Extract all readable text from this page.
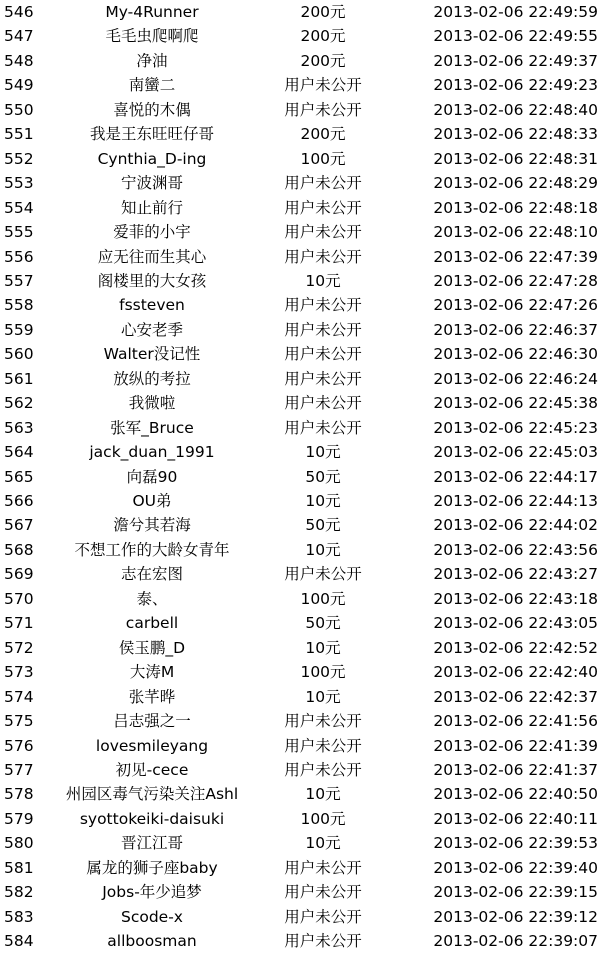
546	My-4Runner	200元	2013-02-06 22:49:59
547	毛毛虫爬啊爬	200元	2013-02-06 22:49:55
548	净油	200元	2013-02-06 22:49:37
549	南蠻二	用户未公开	2013-02-06 22:49:23
550	喜悦的木偶	用户未公开	2013-02-06 22:48:40
551	我是王东旺旺仔哥	200元	2013-02-06 22:48:33
552	Cynthia_D-ing	100元	2013-02-06 22:48:31
553	宁波渊哥	用户未公开	2013-02-06 22:48:29
554	知止前行	用户未公开	2013-02-06 22:48:18
555	爱菲的小宇	用户未公开	2013-02-06 22:48:10
556	应无往而生其心	用户未公开	2013-02-06 22:47:39
557	阁楼里的大女孩	10元	2013-02-06 22:47:28
558	fssteven	用户未公开	2013-02-06 22:47:26
559	心安老季	用户未公开	2013-02-06 22:46:37
560	Walter没记性	用户未公开	2013-02-06 22:46:30
561	放纵的考拉	用户未公开	2013-02-06 22:46:24
562	我微啦	用户未公开	2013-02-06 22:45:38
563	张军_Bruce	用户未公开	2013-02-06 22:45:23
564	jack_duan_1991	10元	2013-02-06 22:45:03
565	向磊90	50元	2013-02-06 22:44:17
566	OU弟	10元	2013-02-06 22:44:13
567	澹兮其若海	50元	2013-02-06 22:44:02
568	不想工作的大龄女青年	10元	2013-02-06 22:43:56
569	志在宏图	用户未公开	2013-02-06 22:43:27
570	泰、	100元	2013-02-06 22:43:18
571	carbell	50元	2013-02-06 22:43:05
572	侯玉鹏_D	10元	2013-02-06 22:42:52
573	大涛M	100元	2013-02-06 22:42:40
574	张芊晔	10元	2013-02-06 22:42:37
575	吕志强之一	用户未公开	2013-02-06 22:41:56
576	lovesmileyang	用户未公开	2013-02-06 22:41:39
577	初见-cece	用户未公开	2013-02-06 22:41:37
578	州园区毒气污染关注Ashl	10元	2013-02-06 22:40:50
579	syottokeiki-daisuki	100元	2013-02-06 22:40:11
580	晋江江哥	10元	2013-02-06 22:39:53
581	属龙的狮子座baby	用户未公开	2013-02-06 22:39:40
582	Jobs-年少追梦	用户未公开	2013-02-06 22:39:15
583	Scode-x	用户未公开	2013-02-06 22:39:12
584	allboosman	用户未公开	2013-02-06 22:39:07
